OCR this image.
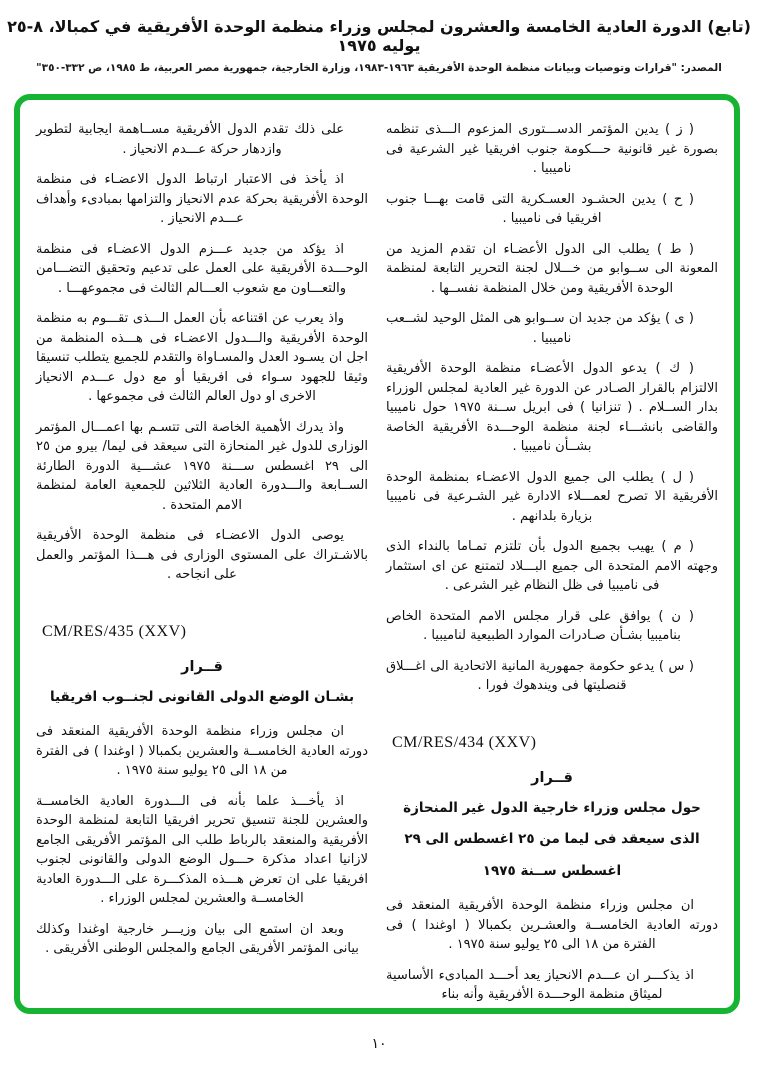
(تابع) الدورة العادية الخامسة والعشرون لمجلس وزراء منظمة الوحدة الأفريقية في كمبالا، ٨-٢٥ يوليه ١٩٧٥
المصدر: "قرارات وتوصيات وبيانات منظمة الوحدة الأفريقية ١٩٦٣-١٩٨٣، وزارة الخارجية، جمهورية مصر العربية، ط ١٩٨٥، ص ٣٣٢-٣٥٠"

( ز ) يدين المؤتمر الدســـتورى المزعوم الـــذى تنظمه بصورة غير قانونية حـــكومة جنوب افريقيا غير الشرعية فى ناميبيا .

( ح ) يدين الحشـود العسـكرية التى قامت بهـــا جنوب افريقيا فى ناميبيا .

( ط ) يطلب الى الدول الأعضـاء ان تقدم المزيد من المعونة الى ســوابو من خـــلال لجنة التحرير التابعة لمنظمة الوحدة الأفريقية ومن خلال المنظمة نفســها .

( ى ) يؤكد من جديد ان ســوابو هى المثل الوحيد لشــعب ناميبيا .

( ك ) يدعو الدول الأعضـاء منظمة الوحدة الأفريقية الالتزام بالقرار الصـادر عن الدورة غير العادية لمجلس الوزراء بدار الســلام . ( تنزانيا ) فى ابريل ســنة ١٩٧٥ حول ناميبيا والقاضى بانشـــاء لجنة منظمة الوحـــدة الأفريقية الخاصة بشــأن ناميبيا .

( ل ) يطلب الى جميع الدول الاعضـاء بمنظمة الوحدة الأفريقية الا تصرح لعمـــلاء الادارة غير الشـرعية فى ناميبيا بزيارة بلدانهم .

( م ) يهيب بجميع الدول بأن تلتزم تمـاما بالنداء الذى وجهته الامم المتحدة الى جميع البـــلاد لتمتنع عن اى استثمار فى ناميبيا فى ظل النظام غير الشرعى .

( ن ) يوافق على قرار مجلس الامم المتحدة الخاص بناميبيا بشـأن صـادرات الموارد الطبيعية لناميبيا .

( س ) يدعو حكومة جمهورية المانية الاتحادية الى اغـــلاق قنصليتها فى ويندهوك فورا .

CM/RES/434 (XXV)
قــرار
حول مجلس وزراء خارجية الدول غير المنحازة
الذى سيعقد فى ليما من ٢٥ اغسطس الى ٢٩
اغسطس ســنة ١٩٧٥

ان مجلس وزراء منظمة الوحدة الأفريقية المنعقد فى دورته العادية الخامســة والعشـرين بكمبالا ( اوغندا ) فى الفترة من ١٨ الى ٢٥ يوليو سنة ١٩٧٥ .

اذ يذكـــر ان عـــدم الانحياز يعد أحـــد المبادىء الأساسية لميثاق منظمة الوحـــدة الأفريقية وأنه بناء

على ذلك تقدم الدول الأفريقية مســاهمة ايجابية لتطوير وازدهار حركة عـــدم الانحياز .

اذ يأخذ فى الاعتبار ارتباط الدول الاعضـاء فى منظمة الوحدة الأفريقية بحركة عدم الانحياز والتزامها بمبادىء وأهداف عـــدم الانحياز .

اذ يؤكد من جديد عـــزم الدول الاعضـاء فى منظمة الوحـــدة الأفريقية على العمل على تدعيم وتحقيق التضـــامن والتعـــاون مع شعوب العـــالم الثالث فى مجموعهـــا .

واذ يعرب عن اقتناعه بأن العمل الـــذى تقـــوم به منظمة الوحدة الأفريقية والـــدول الاعضـاء فى هـــذه المنظمة من اجل ان يسـود العدل والمسـاواة والتقدم للجميع يتطلب تنسيقا وثيقا للجهود سـواء فى افريقيا أو مع دول عـــدم الانحياز الاخرى او دول العالم الثالث فى مجموعها .

واذ يدرك الأهمية الخاصة التى تتسـم بها اعمـــال المؤتمر الوزارى للدول غير المنحازة التى سيعقد فى ليما/ بيرو من ٢٥ الى ٢٩ اغسطس ســـنة ١٩٧٥ عشـــية الدورة الطارئة الســابعة والـــدورة العادية الثلاثين للجمعية العامة لمنظمة الامم المتحدة .

يوصى الدول الاعضـاء فى منظمة الوحدة الأفريقية بالاشـتراك على المستوى الوزارى فى هـــذا المؤتمر والعمل على انجاحه .

CM/RES/435 (XXV)
قــرار
بشـان الوضع الدولى القانونى لجنــوب افريقيا

ان مجلس وزراء منظمة الوحدة الأفريقية المنعقد فى دورته العادية الخامســة والعشرين بكمبالا ( اوغندا ) فى الفترة من ١٨ الى ٢٥ يوليو سنة ١٩٧٥ .

اذ يأخـــذ علما بأنه فى الـــدورة العادية الخامســة والعشرين للجنة تنسيق تحرير افريقيا التابعة لمنظمة الوحدة الأفريقية والمنعقد بالرباط طلب الى المؤتمر الأفريقى الجامع لازانيا اعداد مذكرة حـــول الوضع الدولى والقانونى لجنوب افريقيا على ان تعرض هـــذه المذكـــرة على الـــدورة العادية الخامســة والعشرين لمجلس الوزراء .

وبعد ان استمع الى بيان وزيـــر خارجية اوغندا وكذلك بيانى المؤتمر الأفريقى الجامع والمجلس الوطنى الأفريقى .

١٠
